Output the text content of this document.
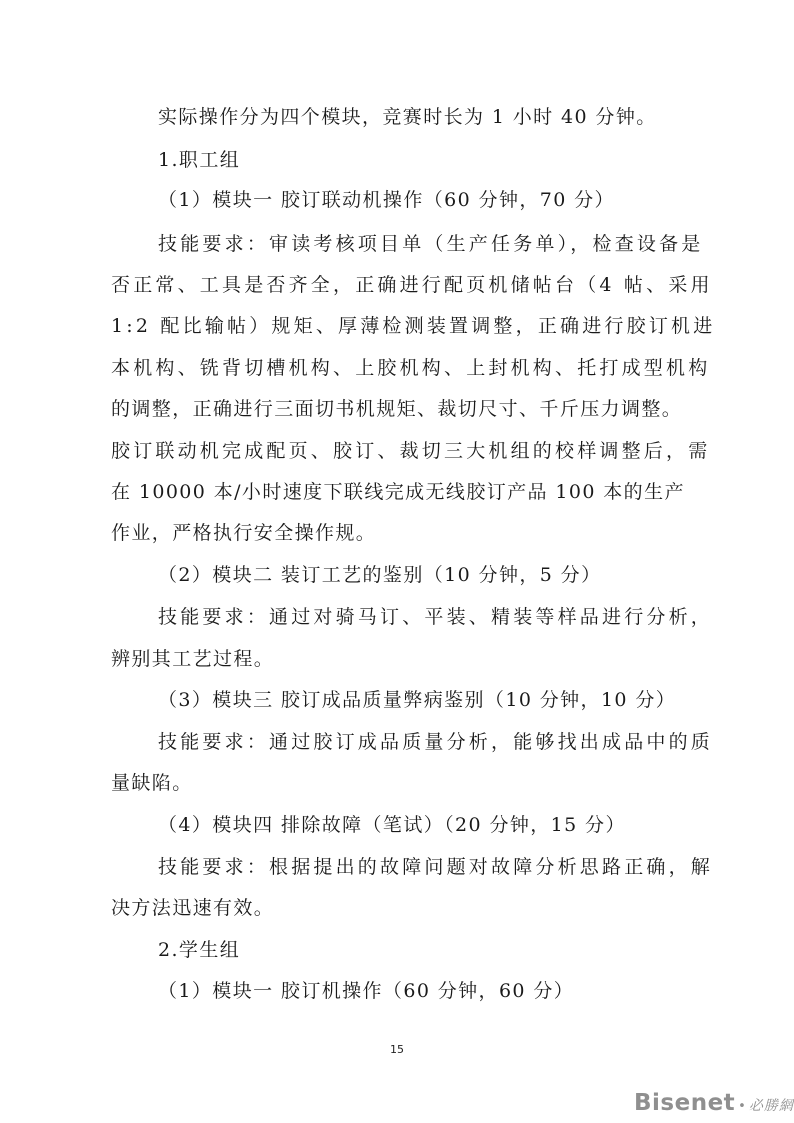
实际操作分为四个模块，竞赛时长为 1 小时 40 分钟。
1.职工组
（1）模块一 胶订联动机操作（60 分钟，70 分）
技能要求：审读考核项目单（生产任务单），检查设备是
否正常、工具是否齐全，正确进行配页机储帖台（4 帖、采用
1:2 配比输帖）规矩、厚薄检测装置调整，正确进行胶订机进
本机构、铣背切槽机构、上胶机构、上封机构、托打成型机构
的调整，正确进行三面切书机规矩、裁切尺寸、千斤压力调整。
胶订联动机完成配页、胶订、裁切三大机组的校样调整后，需
在 10000 本/小时速度下联线完成无线胶订产品 100 本的生产
作业，严格执行安全操作规。
（2）模块二 装订工艺的鉴别（10 分钟，5 分）
技能要求：通过对骑马订、平装、精装等样品进行分析，
辨别其工艺过程。
（3）模块三 胶订成品质量弊病鉴别（10 分钟，10 分）
技能要求：通过胶订成品质量分析，能够找出成品中的质
量缺陷。
（4）模块四 排除故障（笔试）（20 分钟，15 分）
技能要求：根据提出的故障问题对故障分析思路正确，解
决方法迅速有效。
2.学生组
（1）模块一 胶订机操作（60 分钟，60 分）
15
Bisenet • 必勝網
